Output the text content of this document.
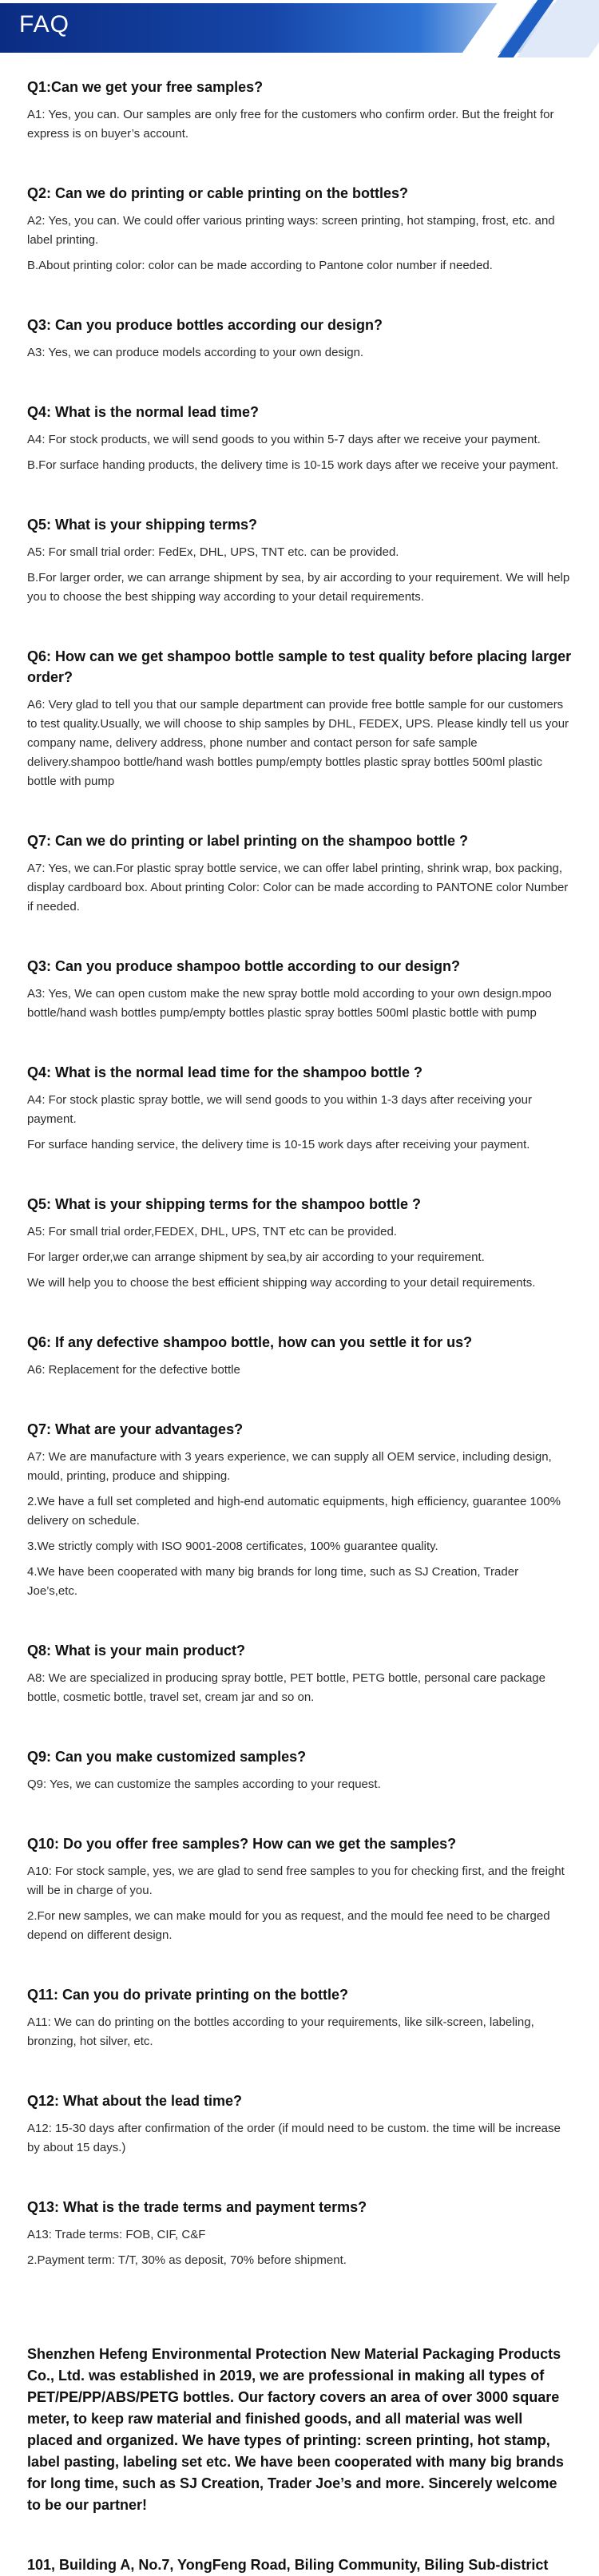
FAQ

Q1:Can we get your free samples?

A1: Yes, you can. Our samples are only free for the customers who confirm order. But the freight for express is on buyer’s account.

Q2: Can we do printing or cable printing on the bottles?

A2: Yes, you can. We could offer various printing ways: screen printing, hot stamping, frost, etc. and label printing.

B.About printing color: color can be made according to Pantone color number if needed.

Q3: Can you produce bottles according our design?

A3: Yes, we can produce models according to your own design.

Q4: What is the normal lead time?

A4: For stock products, we will send goods to you within 5-7 days after we receive your payment.

B.For surface handing products, the delivery time is 10-15 work days after we receive your payment.

Q5: What is your shipping terms?

A5: For small trial order: FedEx, DHL, UPS, TNT etc. can be provided.

B.For larger order, we can arrange shipment by sea, by air according to your requirement. We will help you to choose the best shipping way according to your detail requirements.

Q6: How can we get shampoo bottle sample to test quality before placing larger order?

A6: Very glad to tell you that our sample department can provide free bottle sample for our customers to test quality.Usually, we will choose to ship samples by DHL, FEDEX, UPS. Please kindly tell us your company name, delivery address, phone number and contact person for safe sample delivery.shampoo bottle/hand wash bottles pump/empty bottles plastic spray bottles 500ml plastic bottle with pump

Q7: Can we do printing or label printing on the shampoo bottle ?

A7: Yes, we can.For plastic spray bottle service, we can offer label printing, shrink wrap, box packing, display cardboard box. About printing Color: Color can be made according to PANTONE color Number if needed.

Q3: Can you produce shampoo bottle according to our design?

A3: Yes, We can open custom make the new spray bottle mold according to your own design.mpoo bottle/hand wash bottles pump/empty bottles plastic spray bottles 500ml plastic bottle with pump

Q4: What is the normal lead time for the shampoo bottle ?

A4: For stock plastic spray bottle, we will send goods to you within 1-3 days after receiving your payment.

For surface handing service, the delivery time is 10-15 work days after receiving your payment.

Q5: What is your shipping terms for the shampoo bottle ?

A5: For small trial order,FEDEX, DHL, UPS, TNT etc can be provided.

For larger order,we can arrange shipment by sea,by air according to your requirement.

We will help you to choose the best efficient shipping way according to your detail requirements.

Q6: If any defective shampoo bottle, how can you settle it for us?

A6: Replacement for the defective bottle

Q7: What are your advantages?

A7: We are manufacture with 3 years experience, we can supply all OEM service, including design, mould, printing, produce and shipping.

2.We have a full set completed and high-end automatic equipments, high efficiency, guarantee 100% delivery on schedule.

3.We strictly comply with ISO 9001-2008 certificates, 100% guarantee quality.

4.We have been cooperated with many big brands for long time, such as SJ Creation, Trader Joe’s,etc.

Q8: What is your main product?

A8: We are specialized in producing spray bottle, PET bottle, PETG bottle, personal care package bottle, cosmetic bottle, travel set, cream jar and so on.

Q9: Can you make customized samples?

Q9: Yes, we can customize the samples according to your request.

Q10: Do you offer free samples? How can we get the samples?

A10: For stock sample, yes, we are glad to send free samples to you for checking first, and the freight will be in charge of you.

2.For new samples, we can make mould for you as request, and the mould fee need to be charged depend on different design.

Q11: Can you do private printing on the bottle?

A11: We can do printing on the bottles according to your requirements, like silk-screen, labeling, bronzing, hot silver, etc.

Q12: What about the lead time?

A12: 15-30 days after confirmation of the order (if mould need to be custom. the time will be increase by about 15 days.)

Q13: What is the trade terms and payment terms?

A13: Trade terms: FOB, CIF, C&F

2.Payment term: T/T, 30% as deposit, 70% before shipment.

Shenzhen Hefeng Environmental Protection New Material Packaging Products Co., Ltd. was established in 2019, we are professional in making all types of PET/PE/PP/ABS/PETG bottles. Our factory covers an area of over 3000 square meter, to keep raw material and finished goods, and all material was well placed and organized. We have types of printing: screen printing, hot stamp, label pasting, labeling set etc. We have been cooperated with many big brands for long time, such as SJ Creation, Trader Joe’s and more. Sincerely welcome to be our partner!

101, Building A, No.7, YongFeng Road, Biling Community, Biling Sub-district
